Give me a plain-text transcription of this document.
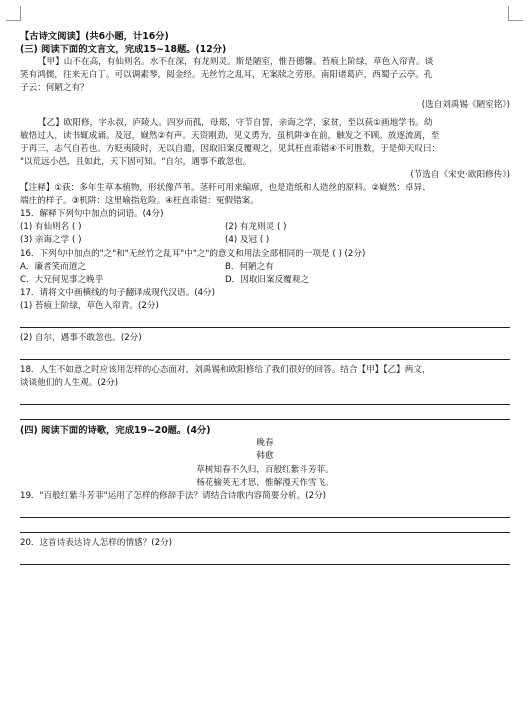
【古诗文阅读】(共6小题，计16分)
(三) 阅读下面的文言文，完成15~18题。(12分)
【甲】山不在高，有仙则名。水不在深，有龙则灵。斯是陋室，惟吾德馨。苔痕上阶绿，草色入帘青。谈
笑有鸿儒，往来无白丁。可以调素琴，阅金经。无丝竹之乱耳，无案牍之劳形。南阳诸葛庐，西蜀子云亭。孔
子云：何陋之有？
(选自刘禹锡《陋室铭》)
【乙】欧阳修，字永叔，庐陵人。四岁而孤，母郑，守节自誓，亲诲之学，家贫，至以荻①画地学书。幼
敏悟过人，读书辄成诵。及冠，嶷然②有声。天资刚劲，见义勇为，虽机阱③在前，触发之不顾。放逐流离，至
于再三，志气自若也。方贬夷陵时，无以自遣，因取旧案反覆观之，见其枉直乖错④不可胜数，于是仰天叹曰：
"以荒远小邑，且如此，天下固可知。"自尔，遇事不敢忽也。
(节选自《宋史·欧阳修传》)
【注释】①荻：多年生草本植物，形状像芦苇。茎秆可用来编席，也是造纸和人造丝的原料。②嶷然：卓异、
端庄的样子。③机阱：这里喻指危险。④枉直乖错：冤假错案。
15．解释下列句中加点的词语。(4分)
(1) 有仙则名 ( )	(2) 有龙则灵 ( )
(3) 亲诲之学 ( )	(4) 及冠 ( )
16．下列句中加点的"之"和"无丝竹之乱耳"中"之"的意义和用法全部相同的一项是 ( ) (2分)
A．廉者笑而道之	B．何陋之有
C．大兄何见事之晚乎	D．因取旧案反覆观之
17．请将文中画横线的句子翻译成现代汉语。(4分)
(1) 苔痕上阶绿，草色入帘青。(2分)
(2) 自尔，遇事不敢忽也。(2分)
18．人生不如意之时应该用怎样的心态面对，刘禹锡和欧阳修给了我们很好的回答。结合【甲】【乙】两文，
谈谈他们的人生观。(2分)
(四) 阅读下面的诗歌，完成19~20题。(4分)
晚春
韩愈
草树知春不久归，百般红紫斗芳菲。
杨花榆荚无才思，惟解漫天作雪飞。
19．"百般红紫斗芳菲"运用了怎样的修辞手法？请结合诗歌内容简要分析。(2分)
20．这首诗表达诗人怎样的情感？(2分)
